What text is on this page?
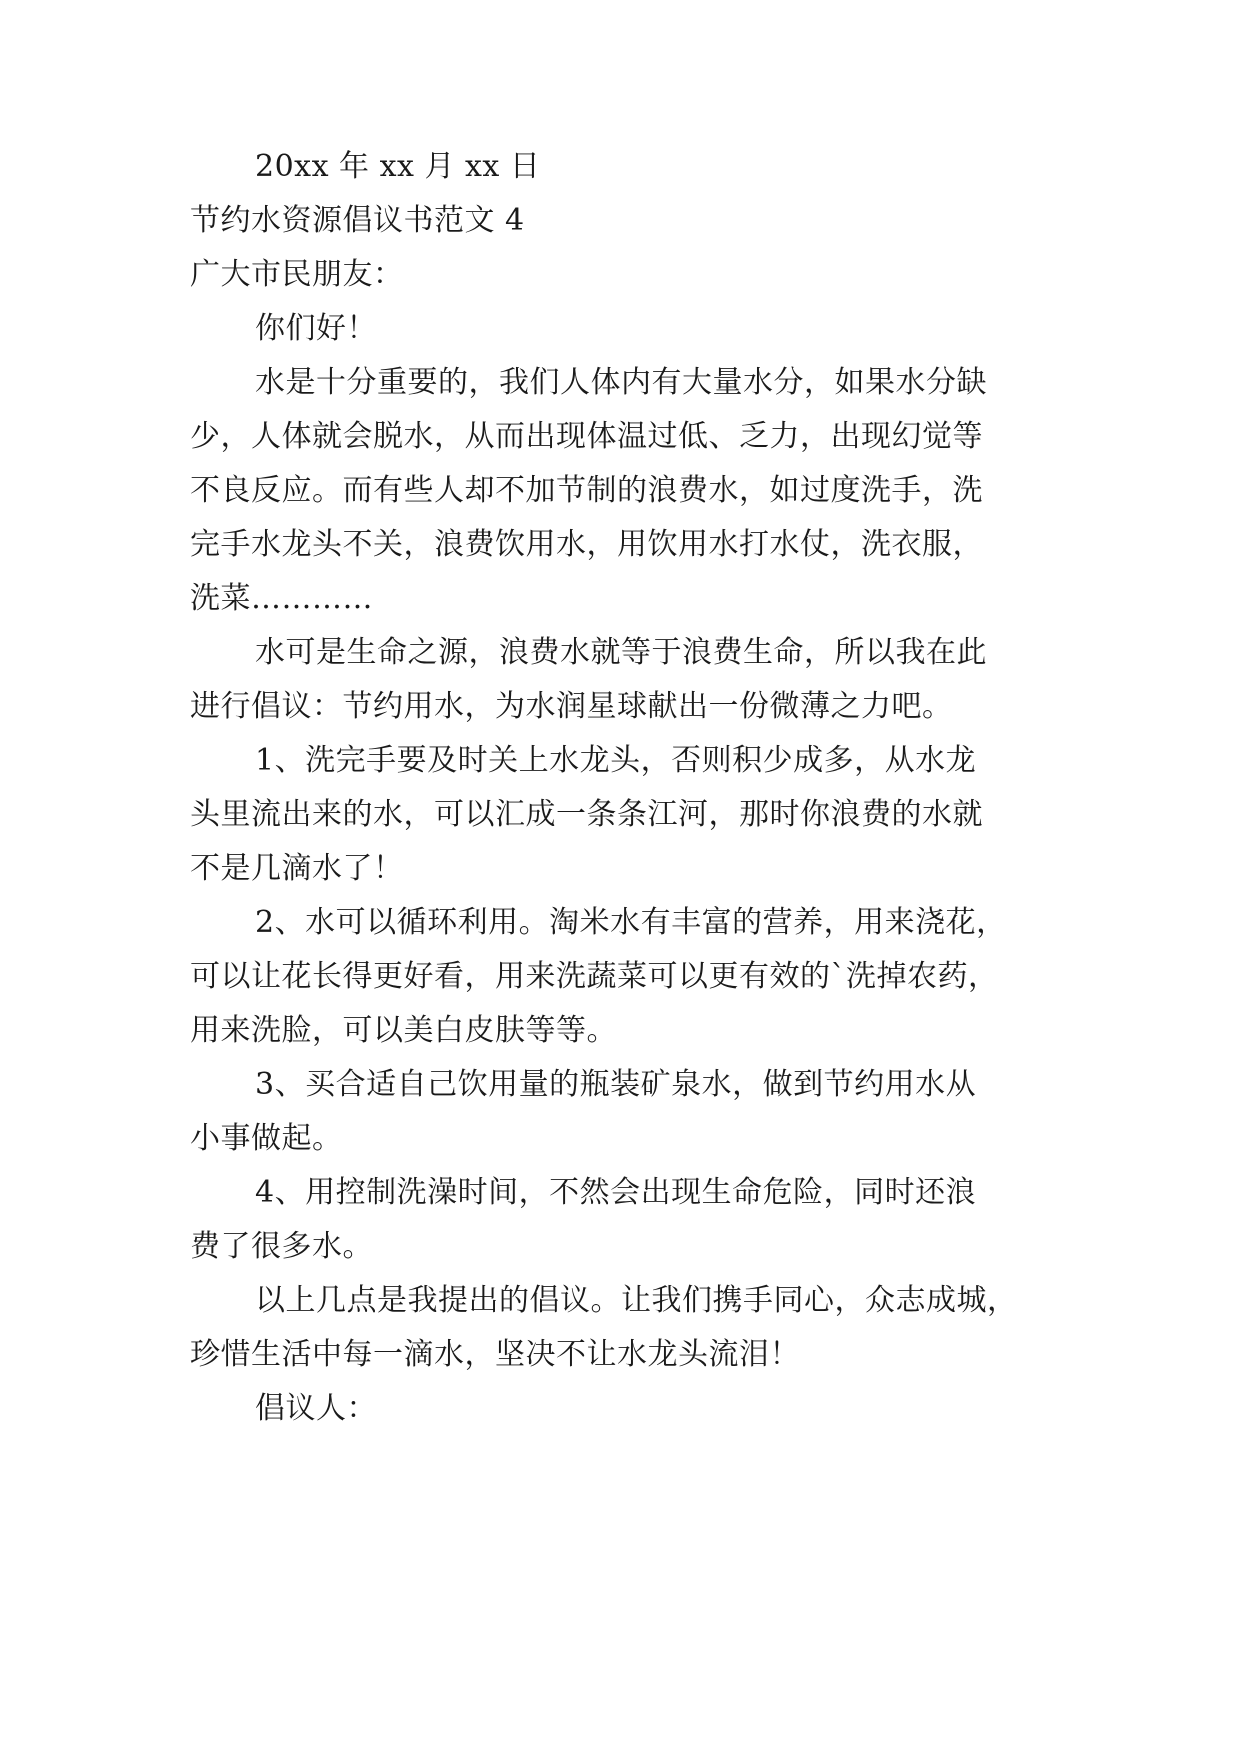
20xx 年 xx 月 xx 日
节约水资源倡议书范文 4
广大市民朋友：
你们好！
水是十分重要的，我们人体内有大量水分，如果水分缺
少，人体就会脱水，从而出现体温过低、乏力，出现幻觉等
不良反应。而有些人却不加节制的浪费水，如过度洗手，洗
完手水龙头不关，浪费饮用水，用饮用水打水仗，洗衣服，
洗菜…………
水可是生命之源，浪费水就等于浪费生命，所以我在此
进行倡议：节约用水，为水润星球献出一份微薄之力吧。
1、洗完手要及时关上水龙头，否则积少成多，从水龙
头里流出来的水，可以汇成一条条江河，那时你浪费的水就
不是几滴水了！
2、水可以循环利用。淘米水有丰富的营养，用来浇花，
可以让花长得更好看，用来洗蔬菜可以更有效的`洗掉农药，
用来洗脸，可以美白皮肤等等。
3、买合适自己饮用量的瓶装矿泉水，做到节约用水从
小事做起。
4、用控制洗澡时间，不然会出现生命危险，同时还浪
费了很多水。
以上几点是我提出的倡议。让我们携手同心，众志成城，
珍惜生活中每一滴水，坚决不让水龙头流泪！
倡议人：
